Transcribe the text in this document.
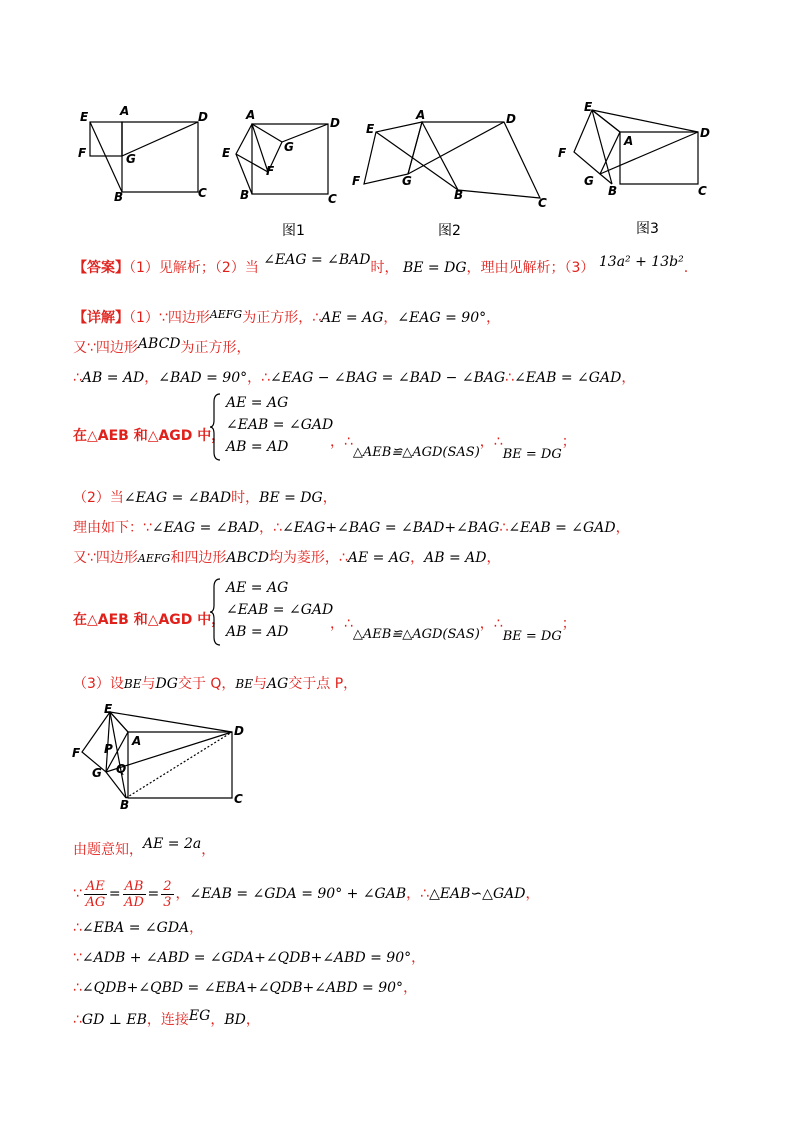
E	A	D
F	G
B	C
A
D
E	G
F
B	C
图1
A	D
E
F	G
B
C
图2
E
A
D
F
G
B	C
图3
【答案】（1）见解析；（2）当 ∠EAG = ∠BAD时， BE = DG，理由见解析；（3） 13a² + 13b².
【详解】（1）∵四边形$^{AEFG}$为正方形，∴AE = AG，∠EAG = 90°，
又∵四边形ABCD为正方形，
∴AB = AD，∠BAD = 90°，∴∠EAG − ∠BAG = ∠BAD − ∠BAG∴∠EAB = ∠GAD，
在△AEB 和△AGD 中，
AE = AG
∠EAB = ∠GAD
AB = AD	，∴△AEB≌△AGD(SAS)，∴BE = DG；
（2）当∠EAG = ∠BAD时，BE = DG，
理由如下：∵∠EAG = ∠BAD，∴∠EAG+∠BAG = ∠BAD+∠BAG∴∠EAB = ∠GAD，
又∵四边形AEFG和四边形ABCD均为菱形，∴AE = AG，AB = AD，
在△AEB 和△AGD 中，
AE = AG
∠EAB = ∠GAD
AB = AD	，∴△AEB≌△AGD(SAS)，∴BE = DG；
（3）设BE与DG交于 Q，BE与AG交于点 P，
E
A
D
F P
Q
G
B	C
由题意知，AE = 2a，
∵ $\frac{AE}{AG} = \frac{AB}{AD} = \frac{2}{3}$ ，∠EAB = ∠GDA = 90° + ∠GAB，∴△EAB∽△GAD，
∴∠EBA = ∠GDA，
∵∠ADB + ∠ABD = ∠GDA+∠QDB+∠ABD = 90°，
∴∠QDB+∠QBD = ∠EBA+∠QDB+∠ABD = 90°，
∴GD ⊥ EB，连接EG，BD，
